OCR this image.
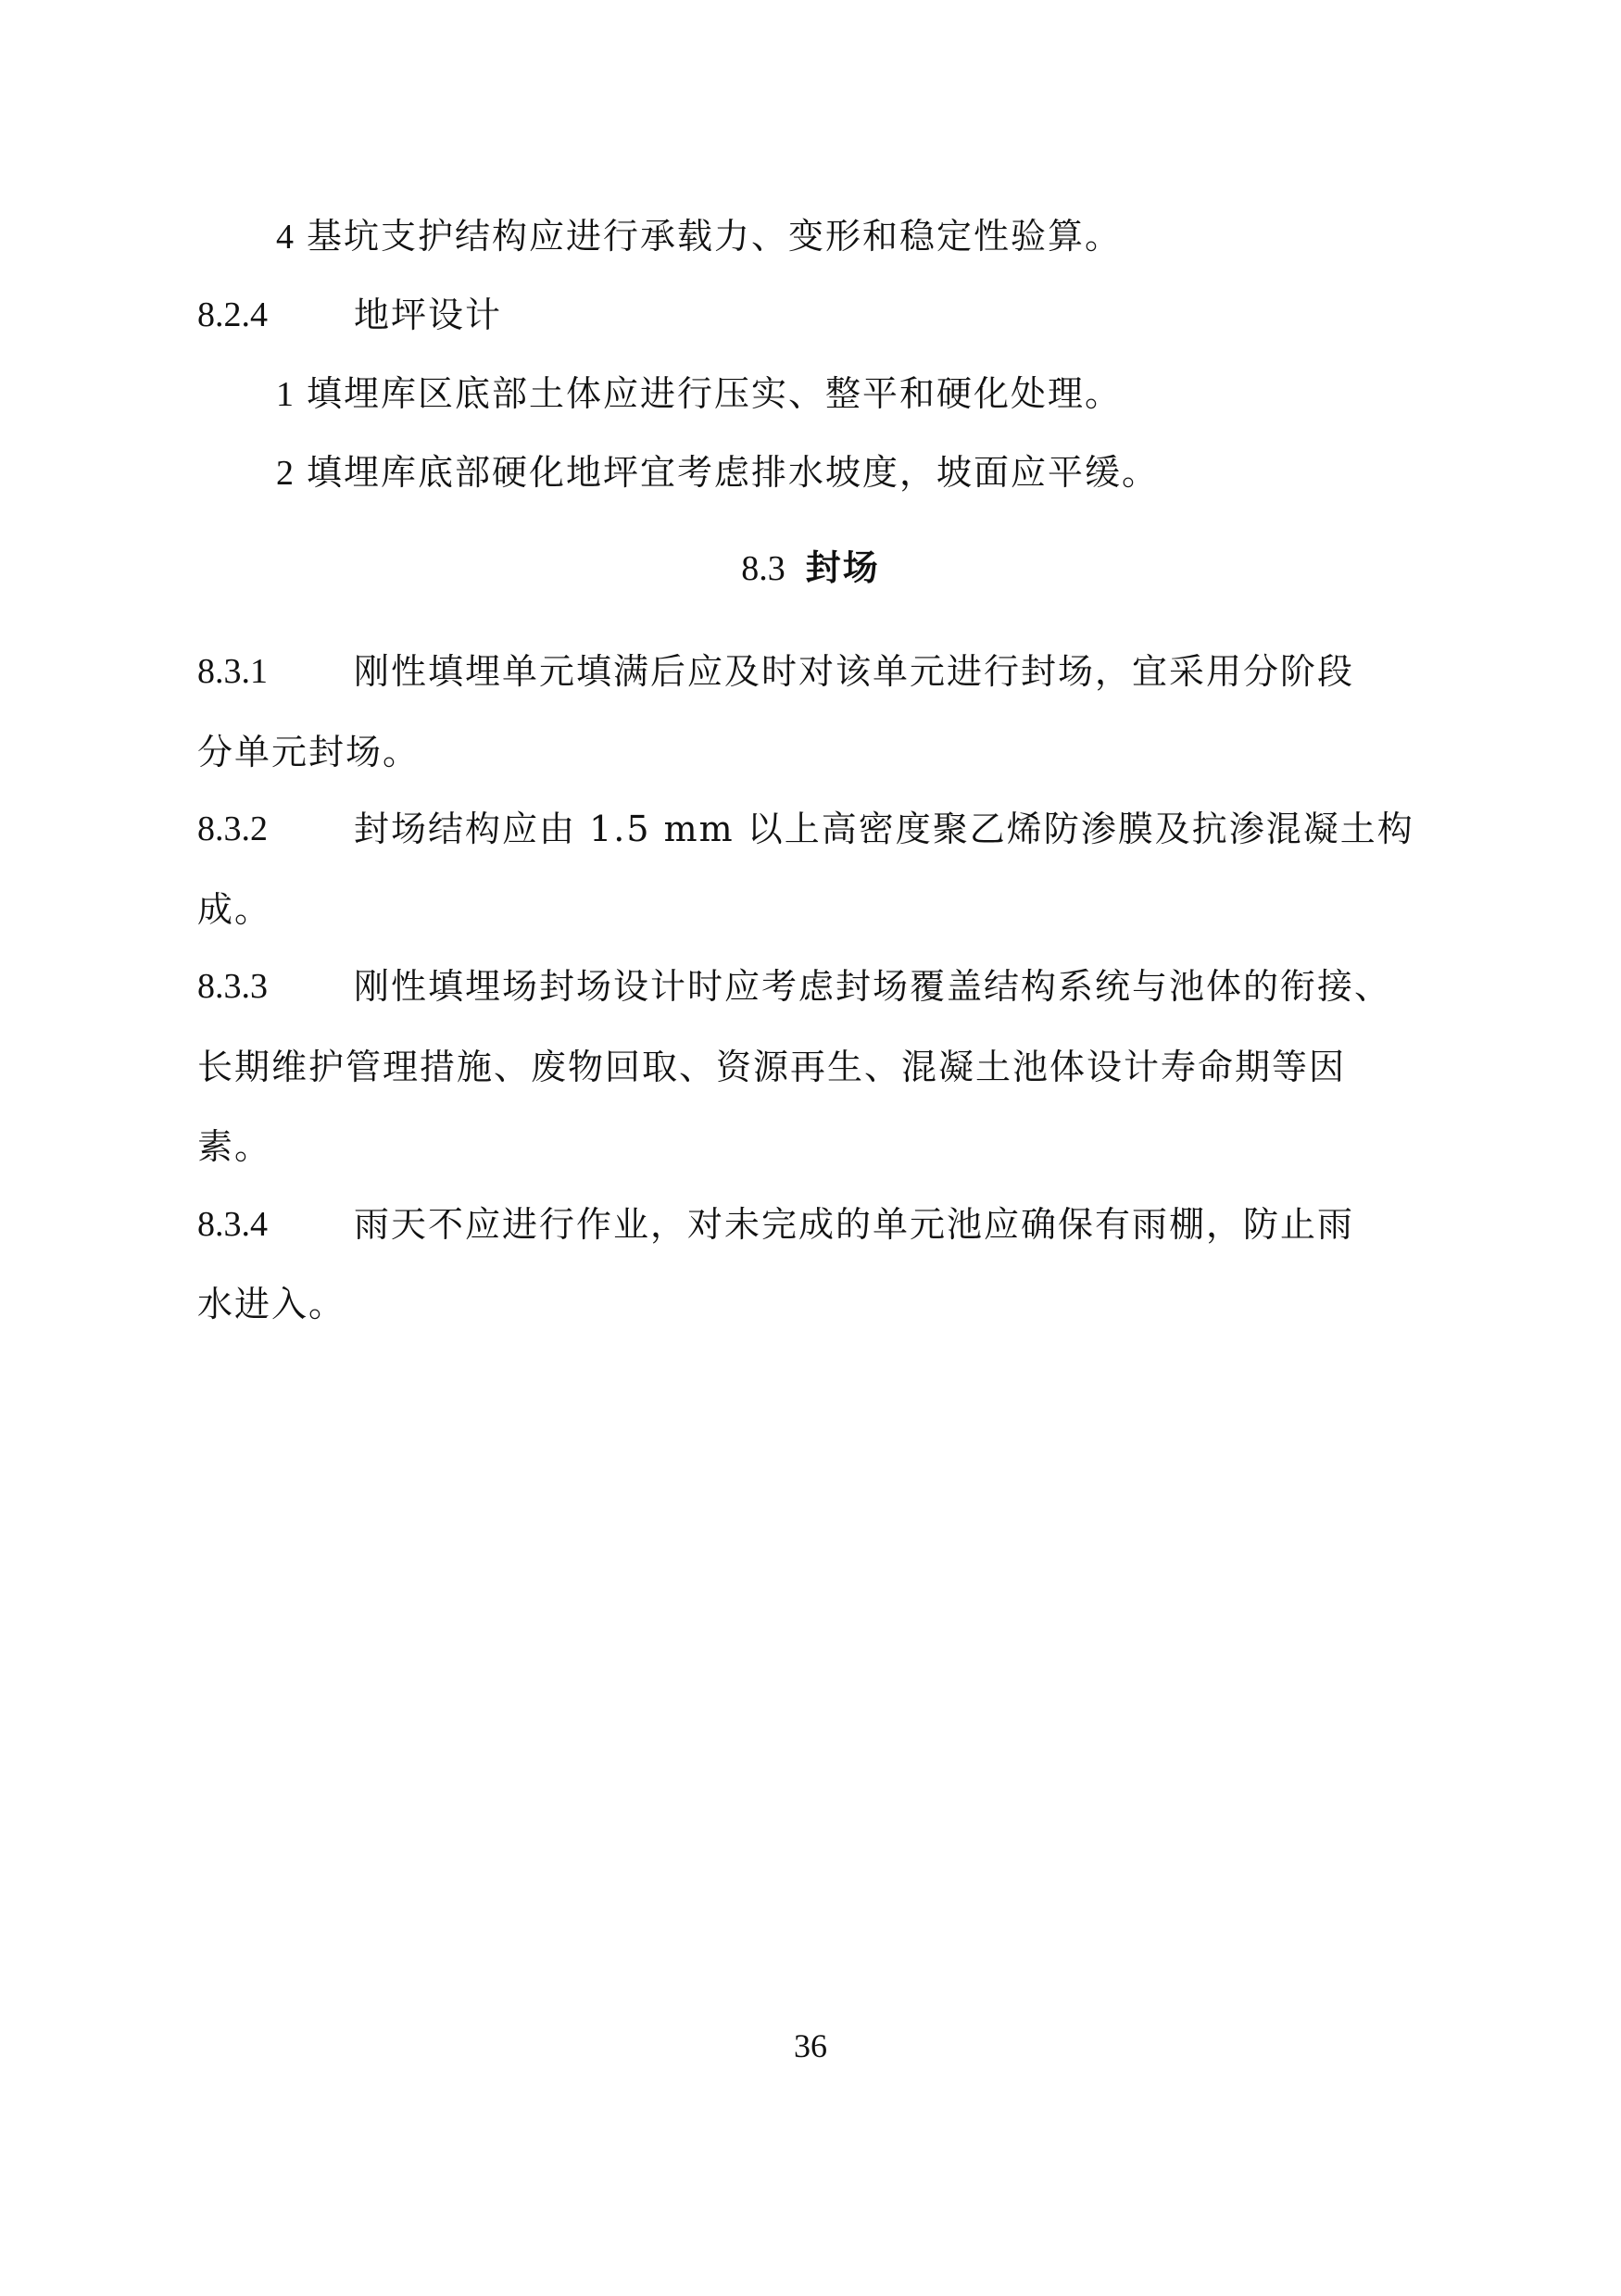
4 基坑支护结构应进行承载力、变形和稳定性验算。
8.2.4 地坪设计
1 填埋库区底部土体应进行压实、整平和硬化处理。
2 填埋库底部硬化地坪宜考虑排水坡度，坡面应平缓。
8.3 封场
8.3.1 刚性填埋单元填满后应及时对该单元进行封场，宜采用分阶段
分单元封场。
8.3.2 封场结构应由 1.5 mm 以上高密度聚乙烯防渗膜及抗渗混凝土构
成。
8.3.3 刚性填埋场封场设计时应考虑封场覆盖结构系统与池体的衔接、
长期维护管理措施、废物回取、资源再生、混凝土池体设计寿命期等因
素。
8.3.4 雨天不应进行作业，对未完成的单元池应确保有雨棚，防止雨
水进入。
36
